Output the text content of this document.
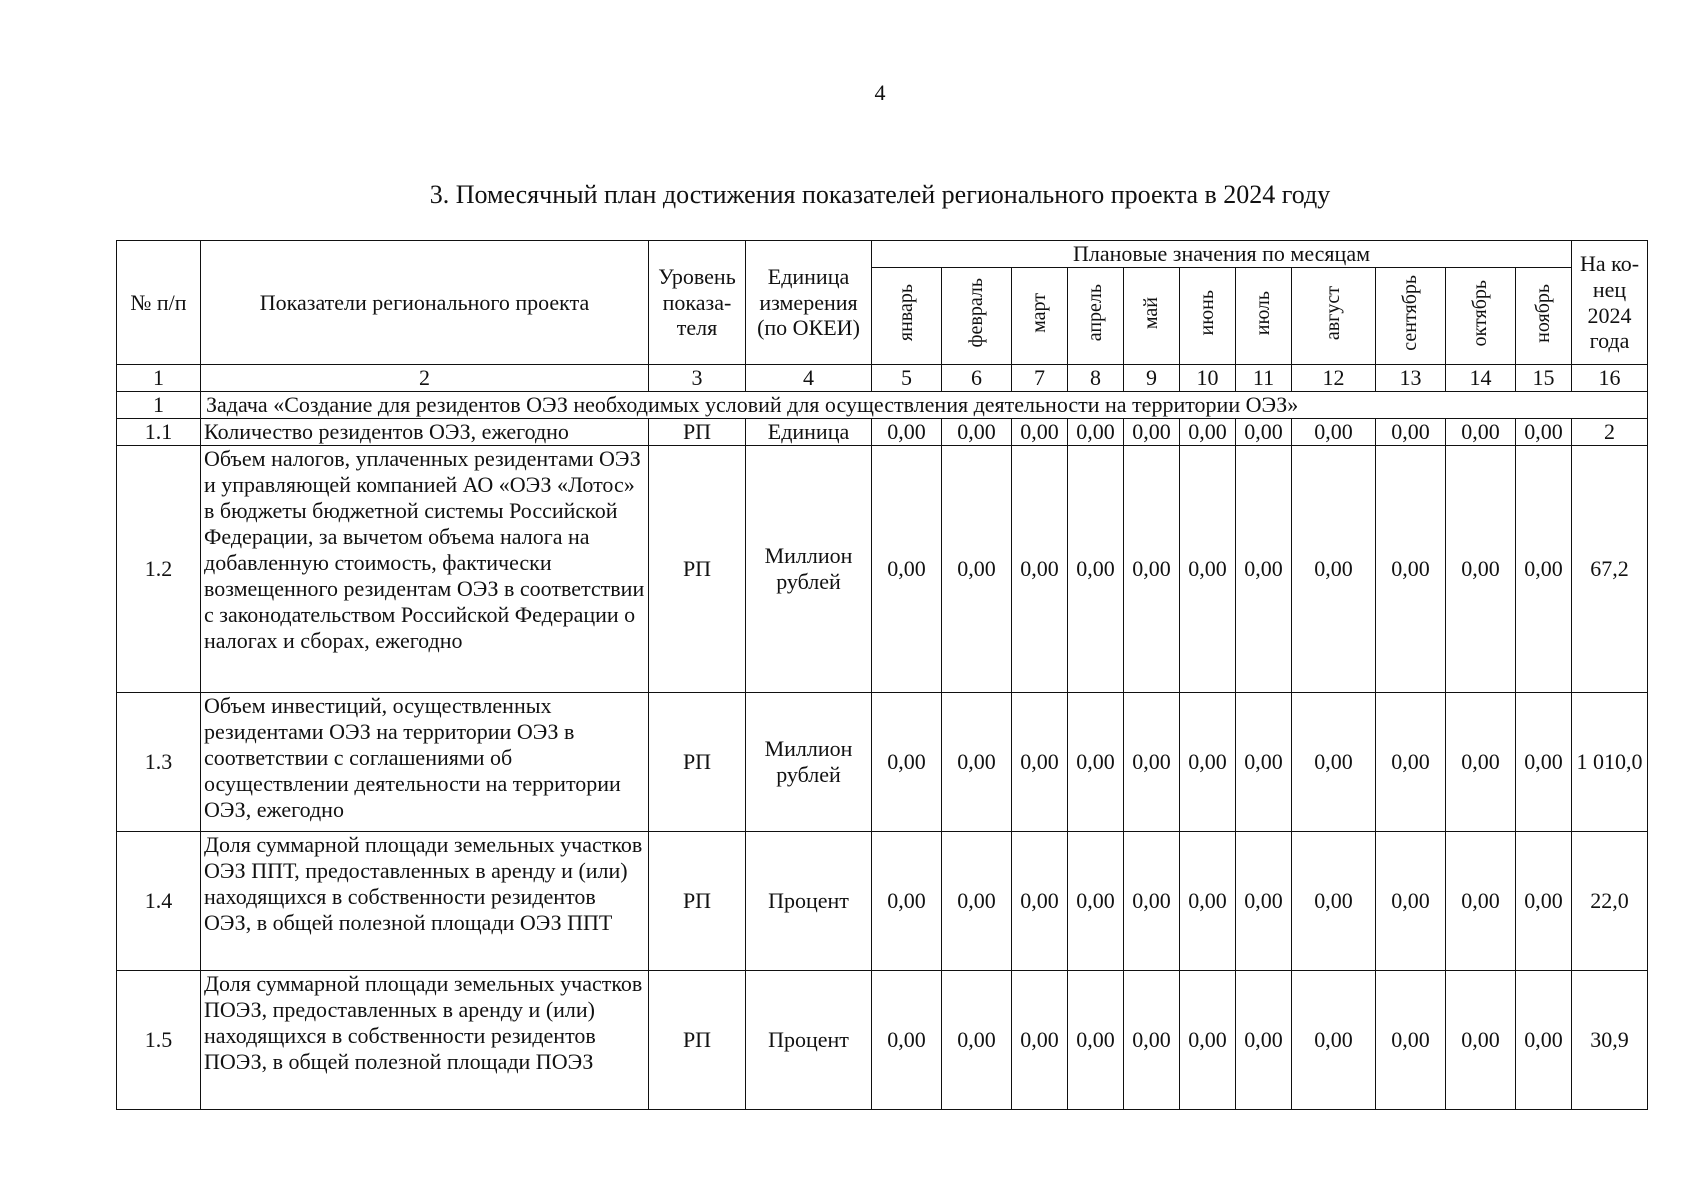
4
3. Помесячный план достижения показателей регионального проекта в 2024 году
№ п/п	Показатели регионального проекта	Уровень показа-теля	Единица измерения (по ОКЕИ)	Плановые значения по месяцам											На ко-нец 2024 года
				январь	февраль	март	апрель	май	июнь	июль	август	сентябрь	октябрь	ноябрь	
1	2	3	4	5	6	7	8	9	10	11	12	13	14	15	16
1	Задача «Создание для резидентов ОЭЗ необходимых условий для осуществления деятельности на территории ОЭЗ»														
1.1	Количество резидентов ОЭЗ, ежегодно	РП	Единица	0,00	0,00	0,00	0,00	0,00	0,00	0,00	0,00	0,00	0,00	0,00	2
1.2	Объем налогов, уплаченных резидентами ОЭЗ и управляющей компанией АО «ОЭЗ «Лотос» в бюджеты бюджетной системы Российской Федерации, за вычетом объема налога на добавленную стоимость, фактически возмещенного резидентам ОЭЗ в соответствии с законодательством Российской Федерации о налогах и сборах, ежегодно	РП	Миллион рублей	0,00	0,00	0,00	0,00	0,00	0,00	0,00	0,00	0,00	0,00	0,00	67,2
1.3	Объем инвестиций, осуществленных резидентами ОЭЗ на территории ОЭЗ в соответствии с соглашениями об осуществлении деятельности на территории ОЭЗ, ежегодно	РП	Миллион рублей	0,00	0,00	0,00	0,00	0,00	0,00	0,00	0,00	0,00	0,00	0,00	1 010,0
1.4	Доля суммарной площади земельных участков ОЭЗ ППТ, предоставленных в аренду и (или) находящихся в собственности резидентов ОЭЗ, в общей полезной площади ОЭЗ ППТ	РП	Процент	0,00	0,00	0,00	0,00	0,00	0,00	0,00	0,00	0,00	0,00	0,00	22,0
1.5	Доля суммарной площади земельных участков ПОЭЗ, предоставленных в аренду и (или) находящихся в собственности резидентов ПОЭЗ, в общей полезной площади ПОЭЗ	РП	Процент	0,00	0,00	0,00	0,00	0,00	0,00	0,00	0,00	0,00	0,00	0,00	30,9
